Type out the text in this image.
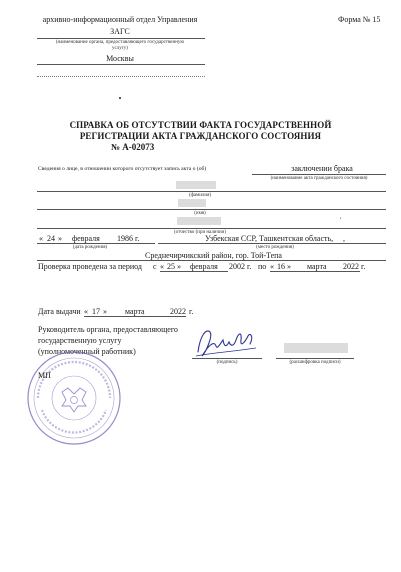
архивно-информационный отдел Управления
ЗАГС
(наименование органа, предоставляющего государственную
услугу)
Москвы
Форма № 15
СПРАВКА ОБ ОТСУТСТВИИ ФАКТА ГОСУДАРСТВЕННОЙ
РЕГИСТРАЦИИ АКТА ГРАЖДАНСКОГО СОСТОЯНИЯ
№ А-02073
Сведения о лице, в отношении которого отсутствует запись акта о (об)	заключении брака
(наименование акта гражданского состояния)
(фамилия)
(имя)
,
(отчество (при наличии)
« 24 » февраля 1986 г.
(дата рождения)
Узбекская ССР, Ташкентская область, ,
(место рождения)
Среднечирчикский район, гор. Той-Тепа
Проверка проведена за период с « 25 » февраля 2002 г. по « 16 » марта 2022 г.
Дата выдачи « 17 » марта	2022 г.
Руководитель органа, предоставляющего
государственную услугу
(уполномоченный работник)
(подпись)	(расшифровка подписи)
МП
